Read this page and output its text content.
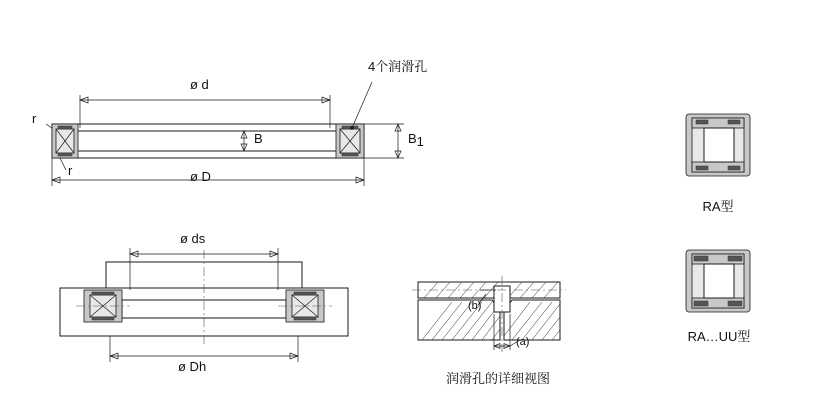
4个润滑孔
ø d
ø D
B	B1
r
r
ø ds
ø Dh
(b)
(a)
润滑孔的详细视图
RA型
RA…UU型
